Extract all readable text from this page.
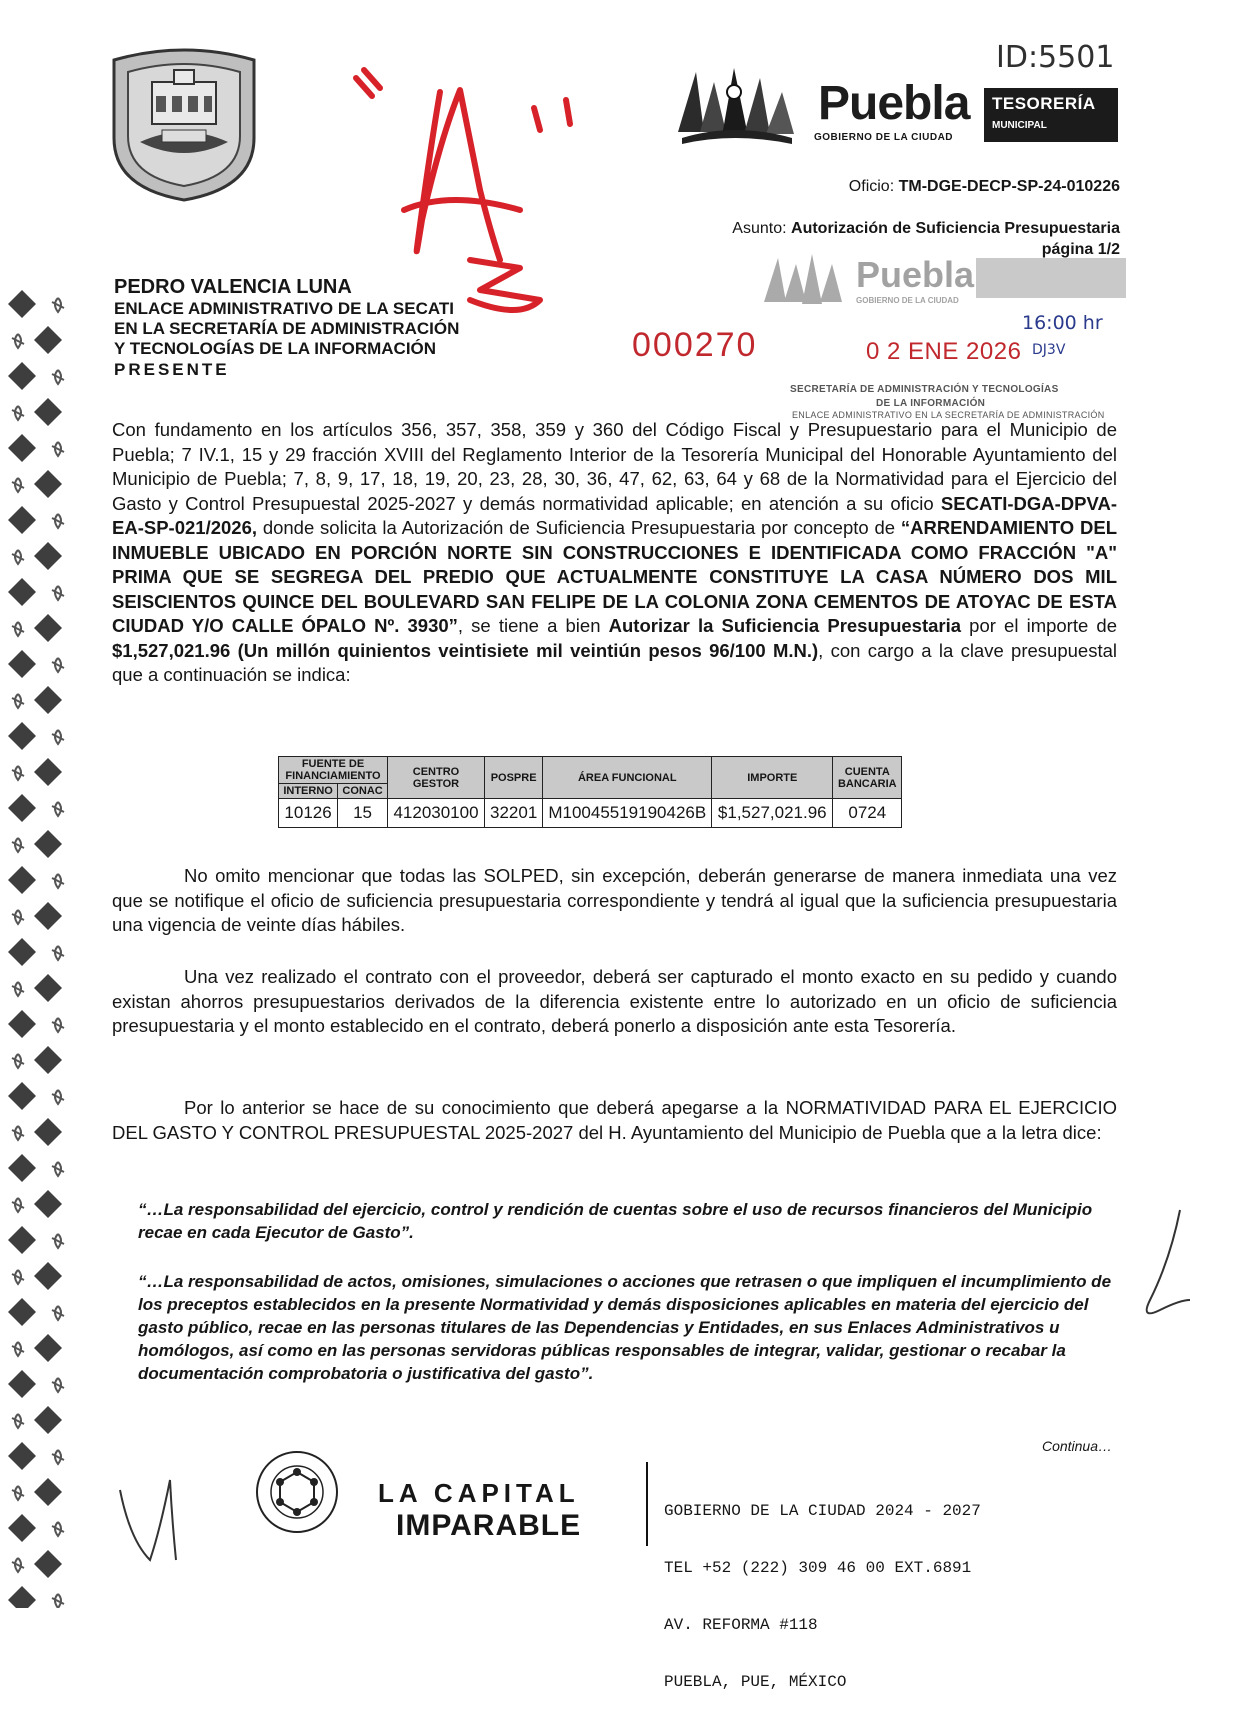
Puebla
GOBIERNO DE LA CIUDAD
TESORERÍA
MUNICIPAL
ID:5501
Oficio: TM-DGE-DECP-SP-24-010226
Asunto: Autorización de Suficiencia Presupuestaria
página 1/2
Puebla
GOBIERNO DE LA CIUDAD
000270	0 2 ENE 2026
16:00 hr
DJ3V
SECRETARÍA DE ADMINISTRACIÓN Y TECNOLOGÍAS
DE LA INFORMACIÓN
ENLACE ADMINISTRATIVO EN LA SECRETARÍA DE ADMINISTRACIÓN
PEDRO VALENCIA LUNA
ENLACE ADMINISTRATIVO DE LA SECATI
EN LA SECRETARÍA DE ADMINISTRACIÓN
Y TECNOLOGÍAS DE LA INFORMACIÓN
PRESENTE
Con fundamento en los artículos 356, 357, 358, 359 y 360 del Código Fiscal y Presupuestario para el Municipio de Puebla; 7 IV.1, 15 y 29 fracción XVIII del Reglamento Interior de la Tesorería Municipal del Honorable Ayuntamiento del Municipio de Puebla; 7, 8, 9, 17, 18, 19, 20, 23, 28, 30, 36, 47, 62, 63, 64 y 68 de la Normatividad para el Ejercicio del Gasto y Control Presupuestal 2025-2027 y demás normatividad aplicable; en atención a su oficio SECATI-DGA-DPVA-EA-SP-021/2026, donde solicita la Autorización de Suficiencia Presupuestaria por concepto de “ARRENDAMIENTO DEL INMUEBLE UBICADO EN PORCIÓN NORTE SIN CONSTRUCCIONES E IDENTIFICADA COMO FRACCIÓN "A" PRIMA QUE SE SEGREGA DEL PREDIO QUE ACTUALMENTE CONSTITUYE LA CASA NÚMERO DOS MIL SEISCIENTOS QUINCE DEL BOULEVARD SAN FELIPE DE LA COLONIA ZONA CEMENTOS DE ATOYAC DE ESTA CIUDAD Y/O CALLE ÓPALO Nº. 3930”, se tiene a bien Autorizar la Suficiencia Presupuestaria por el importe de $1,527,021.96 (Un millón quinientos veintisiete mil veintiún pesos 96/100 M.N.), con cargo a la clave presupuestal que a continuación se indica:
FUENTE DE FINANCIAMIENTO		CENTRO GESTOR	POSPRE	ÁREA FUNCIONAL	IMPORTE	CUENTA BANCARIA
INTERNO	CONAC					
10126	15	412030100	32201	M10045519190426B	$1,527,021.96	0724
No omito mencionar que todas las SOLPED, sin excepción, deberán generarse de manera inmediata una vez que se notifique el oficio de suficiencia presupuestaria correspondiente y tendrá al igual que la suficiencia presupuestaria una vigencia de veinte días hábiles.
Una vez realizado el contrato con el proveedor, deberá ser capturado el monto exacto en su pedido y cuando existan ahorros presupuestarios derivados de la diferencia existente entre lo autorizado en un oficio de suficiencia presupuestaria y el monto establecido en el contrato, deberá ponerlo a disposición ante esta Tesorería.
Por lo anterior se hace de su conocimiento que deberá apegarse a la NORMATIVIDAD PARA EL EJERCICIO DEL GASTO Y CONTROL PRESUPUESTAL 2025-2027 del H. Ayuntamiento del Municipio de Puebla que a la letra dice:
“…La responsabilidad del ejercicio, control y rendición de cuentas sobre el uso de recursos financieros del Municipio recae en cada Ejecutor de Gasto”.
“…La responsabilidad de actos, omisiones, simulaciones o acciones que retrasen o que impliquen el incumplimiento de los preceptos establecidos en la presente Normatividad y demás disposiciones aplicables en materia del ejercicio del gasto público, recae en las personas titulares de las Dependencias y Entidades, en sus Enlaces Administrativos u homólogos, así como en las personas servidoras públicas responsables de integrar, validar, gestionar o recabar la documentación comprobatoria o justificativa del gasto”.
Continua…
LA CAPITAL
IMPARABLE

	GOBIERNO DE LA CIUDAD 2024 - 2027

TEL +52 (222) 309 46 00 EXT.6891

AV. REFORMA #118

PUEBLA, PUE, MÉXICO
